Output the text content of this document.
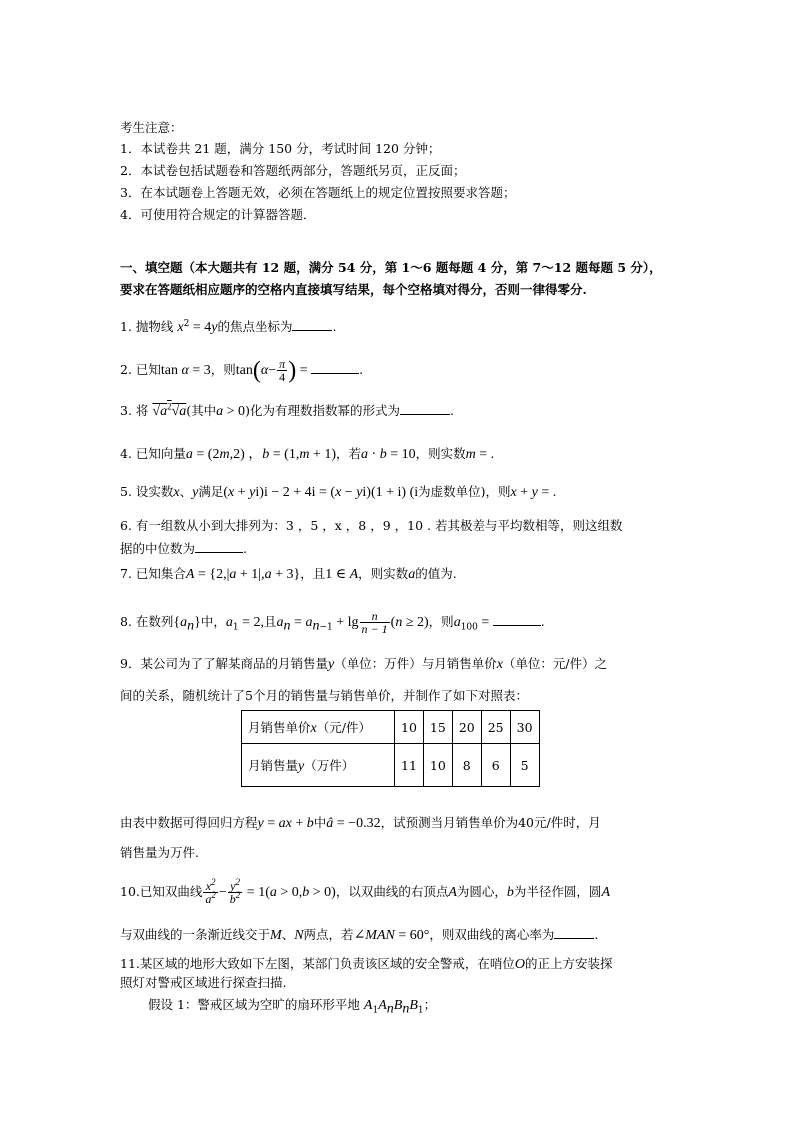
考生注意：
1．本试卷共 21 题，满分 150 分，考试时间 120 分钟；
2．本试卷包括试题卷和答题纸两部分，答题纸另页，正反面；
3．在本试题卷上答题无效，必须在答题纸上的规定位置按照要求答题；
4．可使用符合规定的计算器答题．
一、填空题（本大题共有 12 题，满分 54 分，第 1～6 题每题 4 分，第 7～12 题每题 5 分），
要求在答题纸相应题序的空格内直接填写结果，每个空格填对得分，否则一律得零分.
1. 抛物线 $x^2 = 4y$的焦点坐标为	.
2. 已知tan α = 3，则$\tan(\alpha- \frac{\pi}{4}$ ) =	.
3. 将 $√a^2√a$(其中a > 0)化为有理数指数幂的形式为	.
4. 已知向量a = (2m,2) ，b = (1,m + 1)，若a · b = 10，则实数m = .
5. 设实数x、y满足(x + yi)i − 2 + 4i = (x − yi)(1 + i) (i为虚数单位)，则x + y = .
6. 有一组数从小到大排列为：3 ，5 ，x ，8 ，9 ，10 . 若其极差与平均数相等，则这组数
据的中位数为	.
7. 已知集合A = {2,|a + 1|,a + 3}，且1 ∈ A，则实数a的值为.
8. 在数列$\{a_n\}$中，$a_1 = 2$,且$a_n = a_{n-1} + \lg \frac{n}{n - 1} (n \ge 2)$，则$a_{100}$ =	.
9．某公司为了了解某商品的月销售量y（单位：万件）与月销售单价x（单位：元/件）之
间的关系，随机统计了5个月的销售量与销售单价，并制作了如下对照表：
月销售单价x（元/件）	10	15	20	25	30
月销售量y（万件）	11	10	8	6	5
由表中数据可得回归方程y = ax + b中â = −0.32，试预测当月销售单价为40元/件时，月
销售量为万件.
10.已知双曲线 $\frac{x^2}{a^2} - \frac{y^2}{b^2} = 1(a > 0,b > 0)$，以双曲线的右顶点A为圆心，b为半径作圆，圆A
与双曲线的一条渐近线交于M、N两点，若∠MAN = 60°，则双曲线的离心率为	.
11.某区域的地形大致如下左图，某部门负责该区域的安全警戒，在哨位O的正上方安装探
照灯对警戒区域进行探查扫描.
假设 1：警戒区域为空旷的扇环形平地 $A_1A_nB_nB_1$；
